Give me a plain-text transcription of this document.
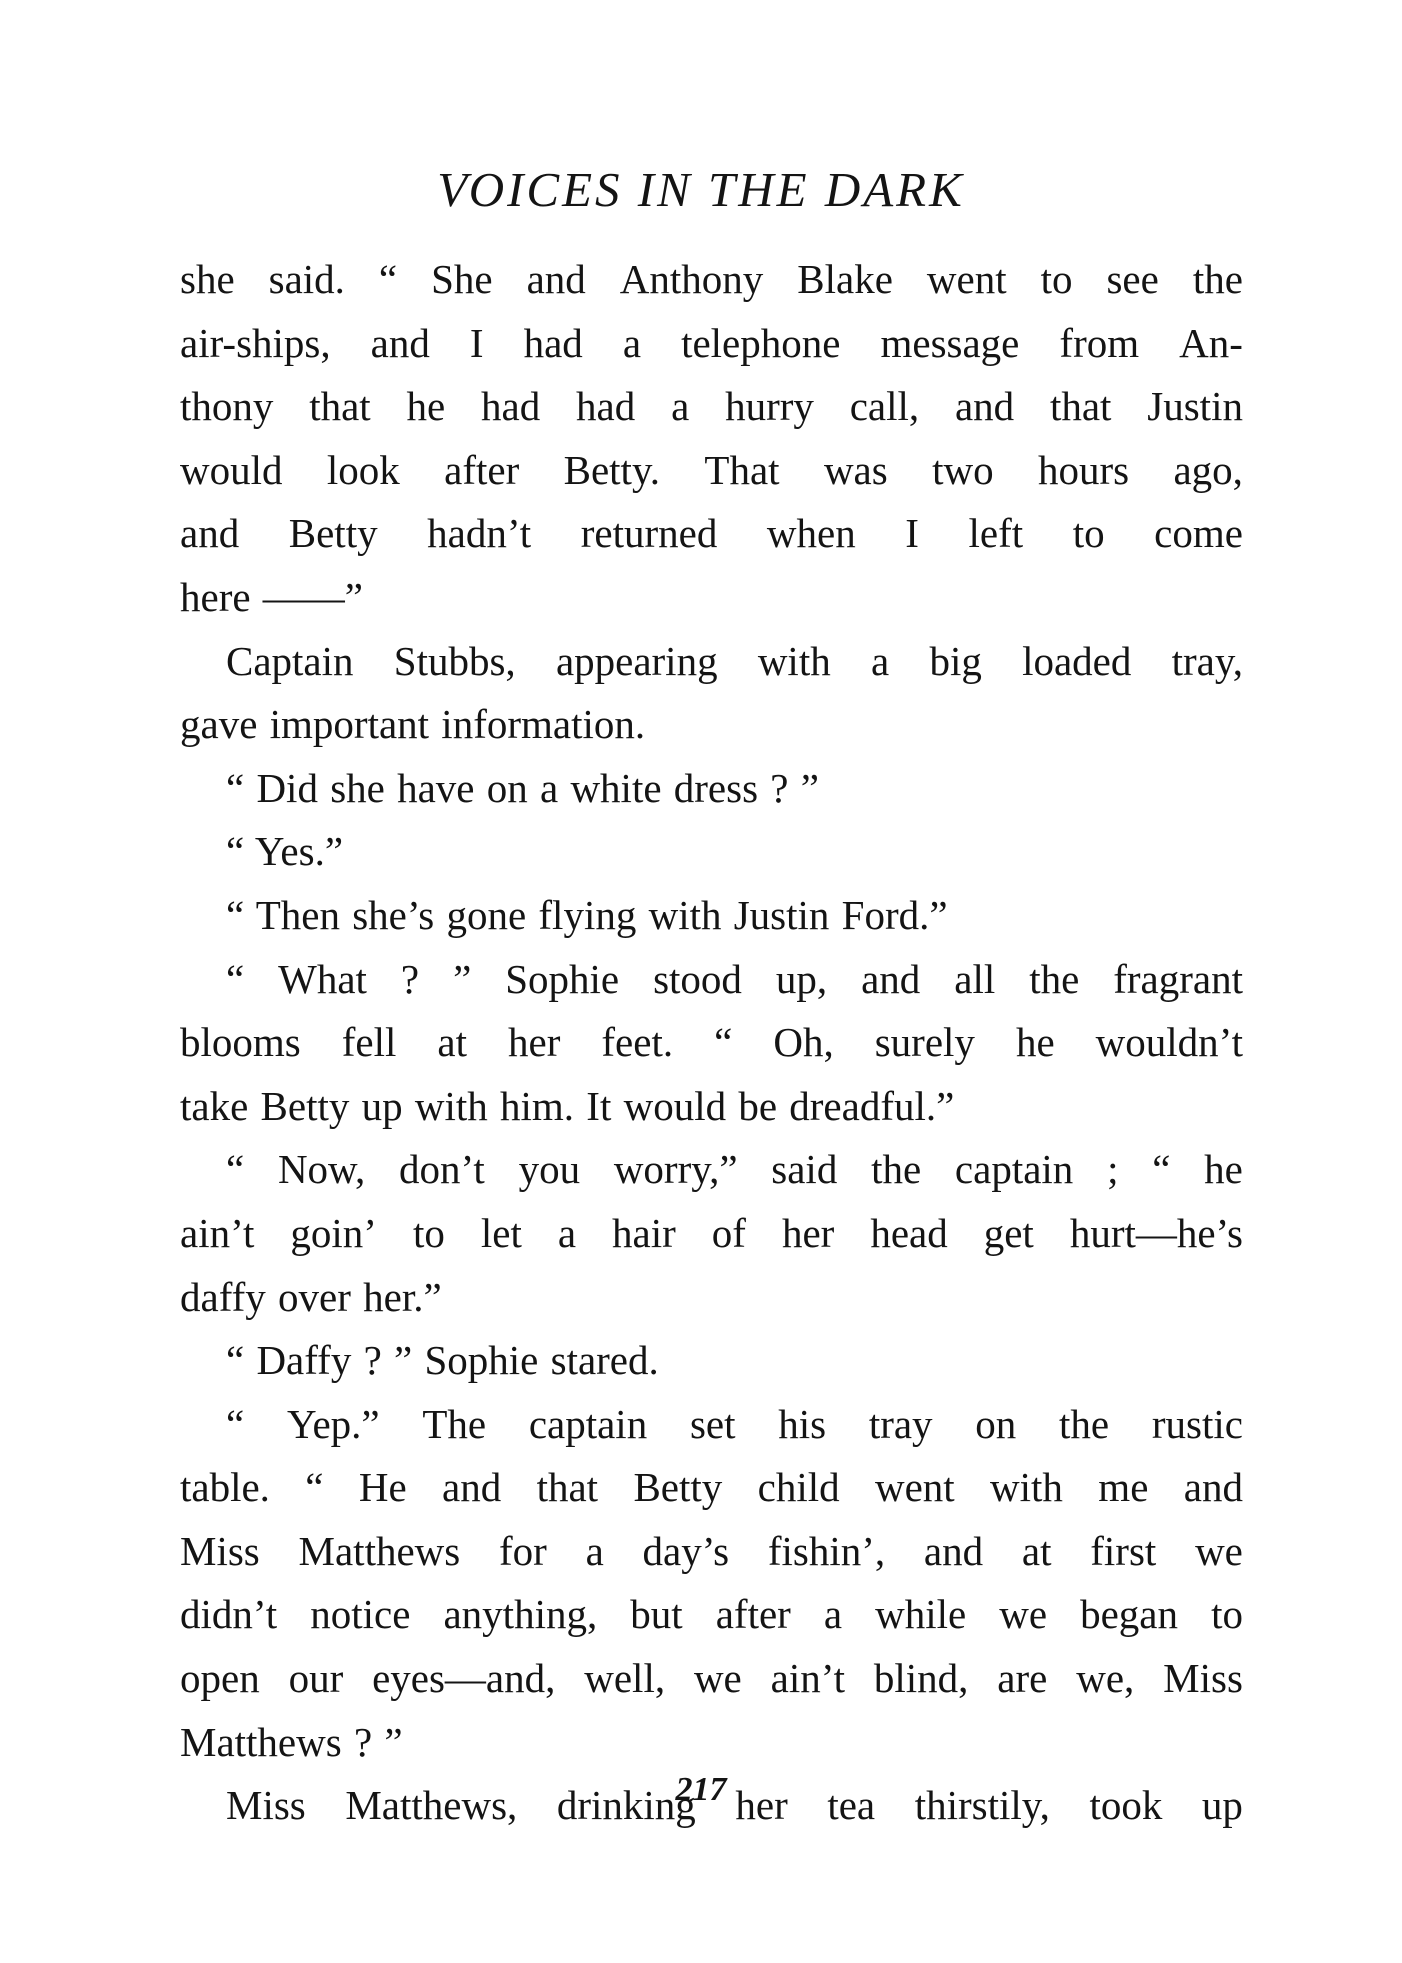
VOICES IN THE DARK
she said. “ She and Anthony Blake went to see the
air-ships, and I had a telephone message from An-
thony that he had had a hurry call, and that Justin
would look after Betty. That was two hours ago,
and Betty hadn’t returned when I left to come
here ——”
Captain Stubbs, appearing with a big loaded tray,
gave important information.
“ Did she have on a white dress ? ”
“ Yes.”
“ Then she’s gone flying with Justin Ford.”
“ What ? ” Sophie stood up, and all the fragrant
blooms fell at her feet. “ Oh, surely he wouldn’t
take Betty up with him. It would be dreadful.”
“ Now, don’t you worry,” said the captain ; “ he
ain’t goin’ to let a hair of her head get hurt—he’s
daffy over her.”
“ Daffy ? ” Sophie stared.
“ Yep.” The captain set his tray on the rustic
table. “ He and that Betty child went with me and
Miss Matthews for a day’s fishin’, and at first we
didn’t notice anything, but after a while we began to
open our eyes—and, well, we ain’t blind, are we, Miss
Matthews ? ”
Miss Matthews, drinking her tea thirstily, took up
217
